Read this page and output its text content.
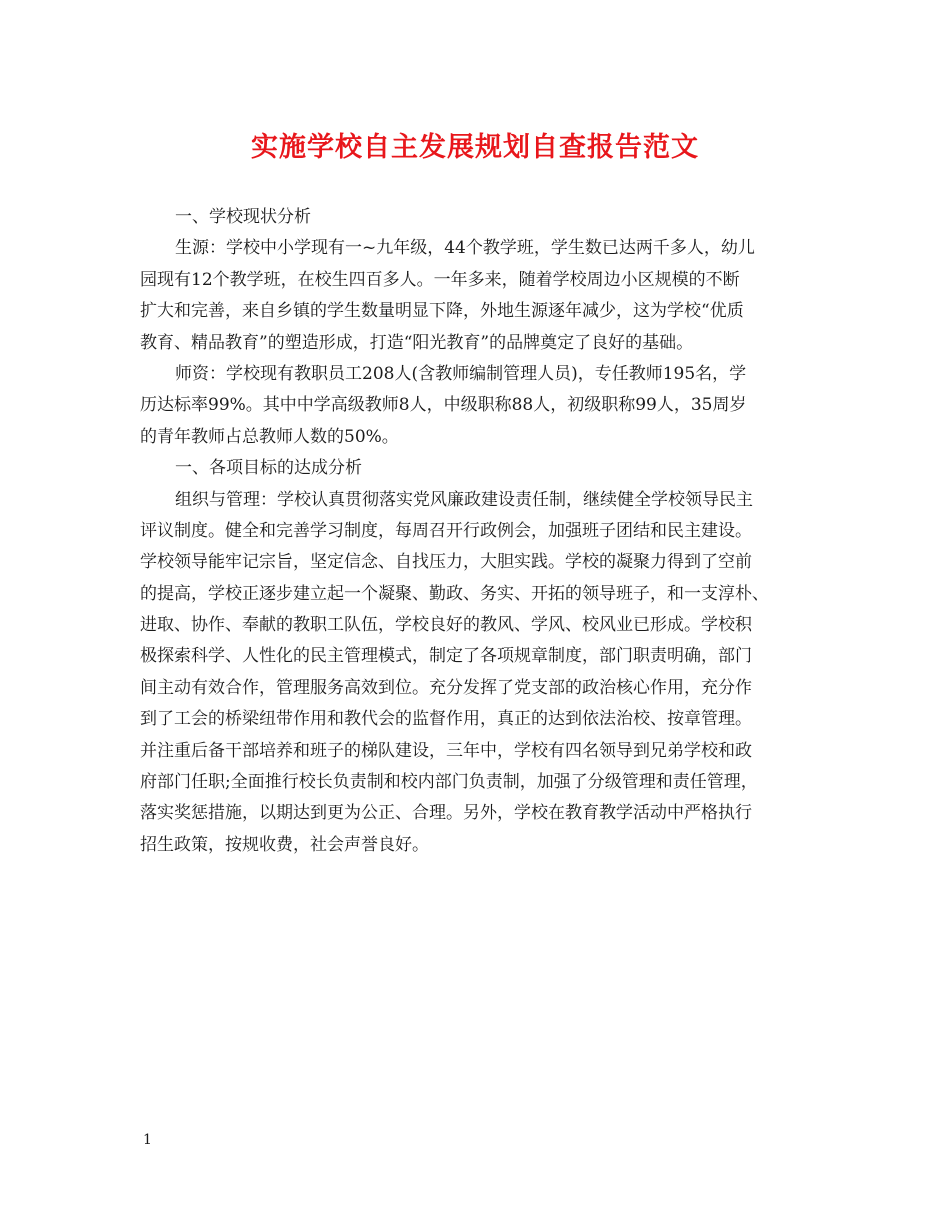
实施学校自主发展规划自查报告范文
一、学校现状分析
生源：学校中小学现有一~九年级，44个教学班，学生数已达两千多人，幼儿
园现有12个教学班，在校生四百多人。一年多来，随着学校周边小区规模的不断
扩大和完善，来自乡镇的学生数量明显下降，外地生源逐年减少，这为学校“优质
教育、精品教育”的塑造形成，打造“阳光教育”的品牌奠定了良好的基础。
师资：学校现有教职员工208人(含教师编制管理人员)，专任教师195名，学
历达标率99%。其中中学高级教师8人，中级职称88人，初级职称99人，35周岁
的青年教师占总教师人数的50%。
一、各项目标的达成分析
组织与管理：学校认真贯彻落实党风廉政建设责任制，继续健全学校领导民主
评议制度。健全和完善学习制度，每周召开行政例会，加强班子团结和民主建设。
学校领导能牢记宗旨，坚定信念、自找压力，大胆实践。学校的凝聚力得到了空前
的提高，学校正逐步建立起一个凝聚、勤政、务实、开拓的领导班子，和一支淳朴、
进取、协作、奉献的教职工队伍，学校良好的教风、学风、校风业已形成。学校积
极探索科学、人性化的民主管理模式，制定了各项规章制度，部门职责明确，部门
间主动有效合作，管理服务高效到位。充分发挥了党支部的政治核心作用，充分作
到了工会的桥梁纽带作用和教代会的监督作用，真正的达到依法治校、按章管理。
并注重后备干部培养和班子的梯队建设，三年中，学校有四名领导到兄弟学校和政
府部门任职;全面推行校长负责制和校内部门负责制，加强了分级管理和责任管理，
落实奖惩措施，以期达到更为公正、合理。另外，学校在教育教学活动中严格执行
招生政策，按规收费，社会声誉良好。
1
